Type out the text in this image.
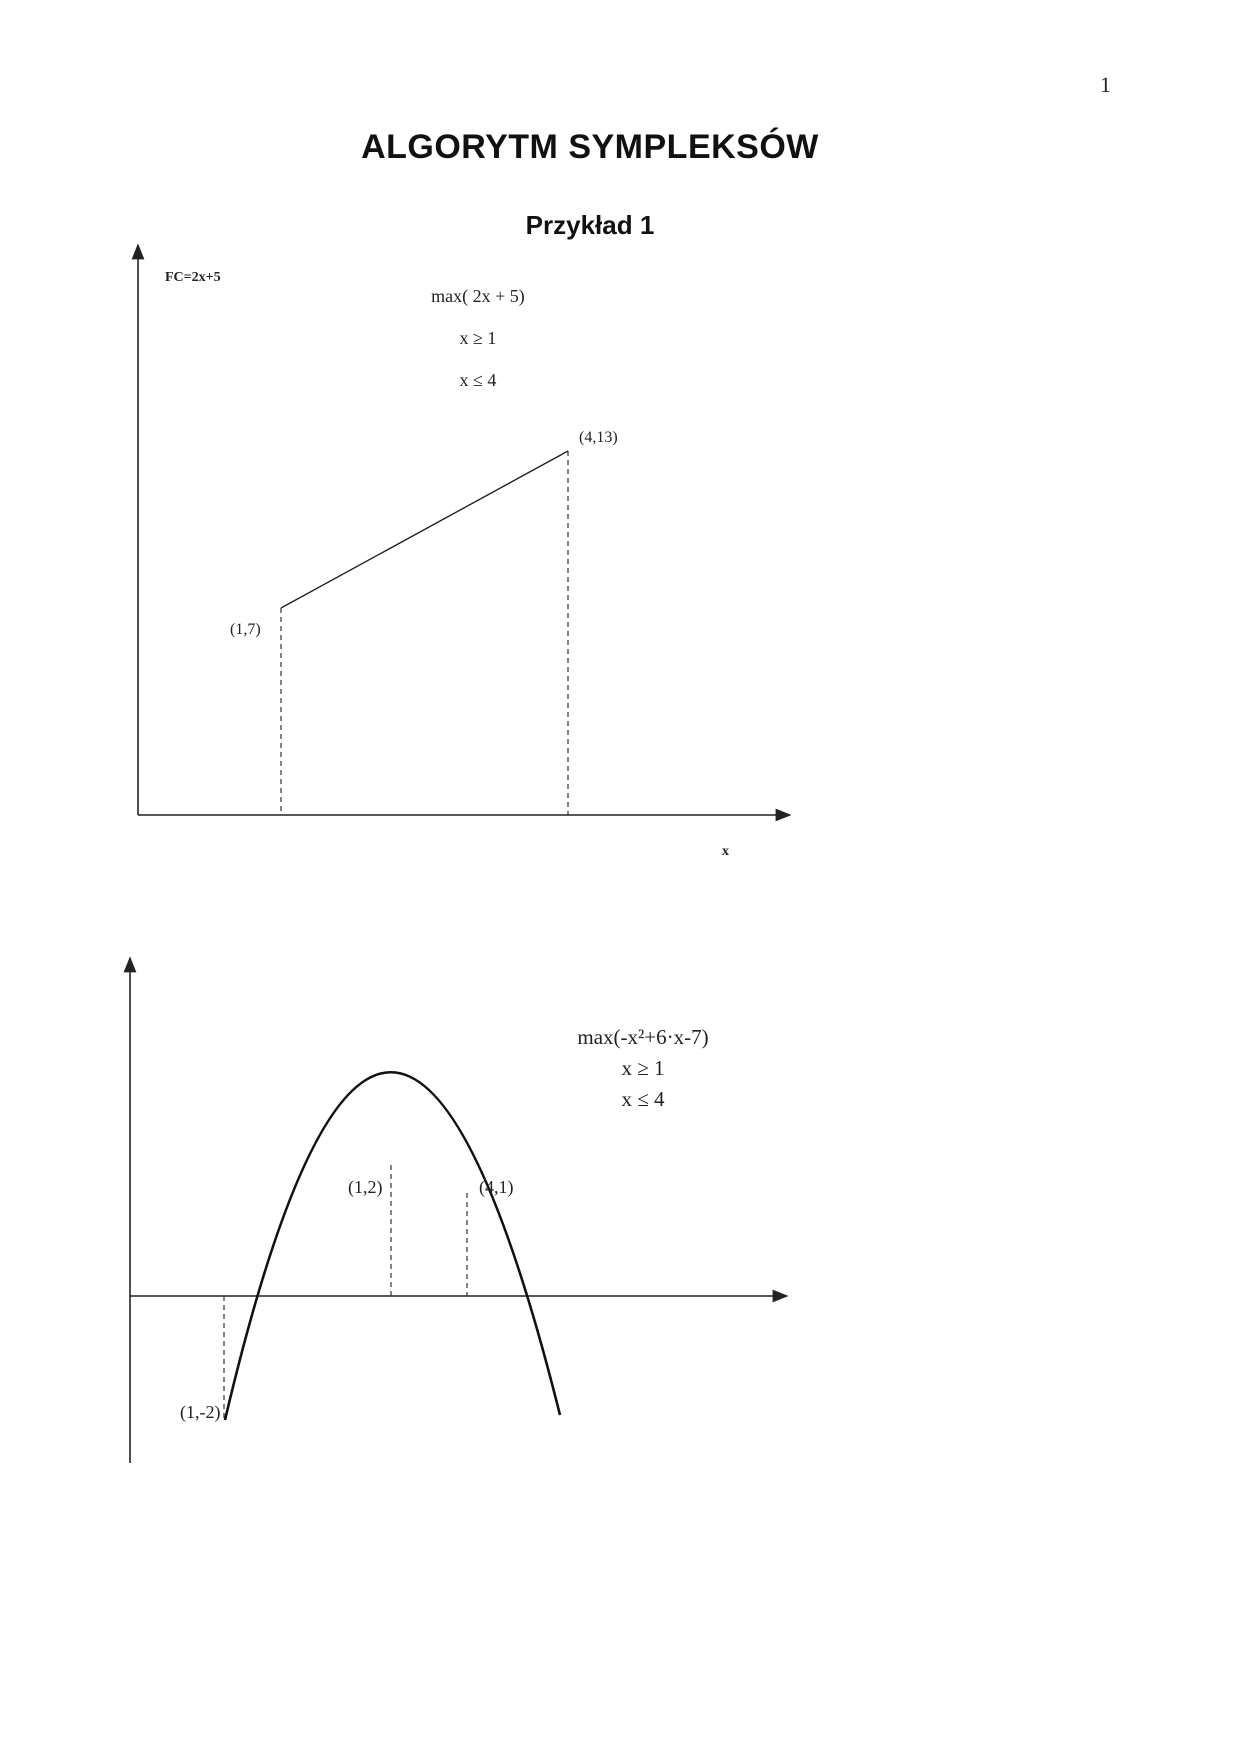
1
ALGORYTM SYMPLEKSÓW
Przykład 1
FC=2x+5
x
max( 2x + 5)
x ≥ 1
x ≤ 4
(1,7)
(4,13)
max(-x²+6·x-7)
x ≥ 1
x ≤ 4
(1,-2)
(1,2)	(4,1)
